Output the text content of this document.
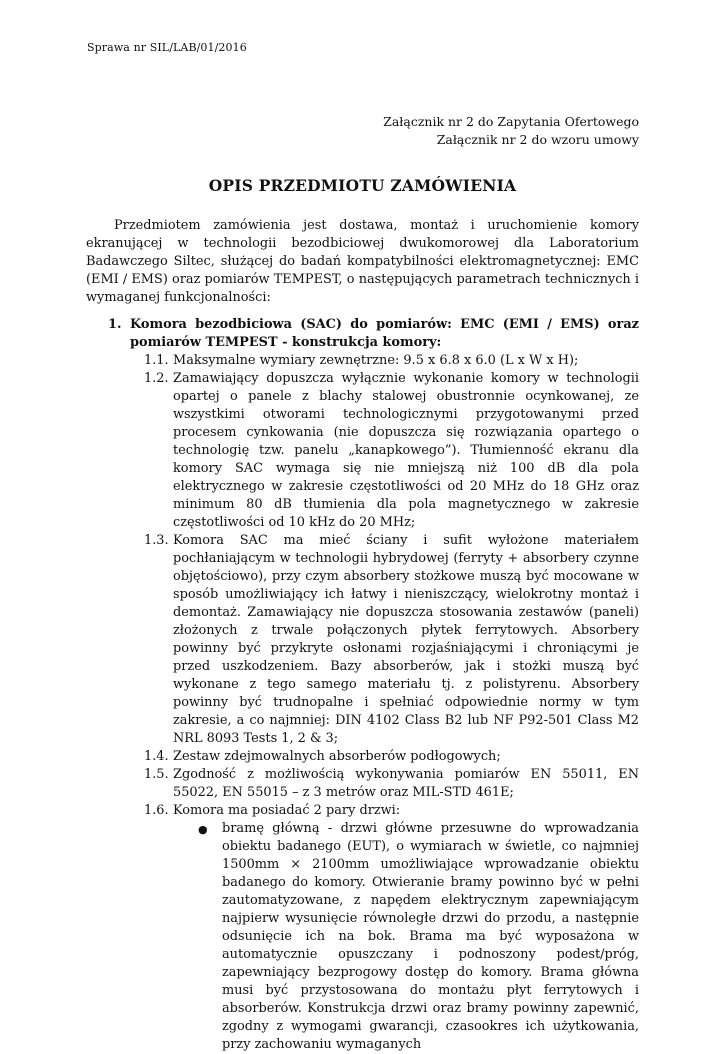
Sprawa nr SIL/LAB/01/2016
Załącznik nr 2 do Zapytania Ofertowego
Załącznik nr 2 do wzoru umowy
OPIS PRZEDMIOTU ZAMÓWIENIA

Przedmiotem zamówienia jest dostawa, montaż i uruchomienie komory ekranującej w technologii bezodbiciowej dwukomorowej dla Laboratorium Badawczego Siltec, służącej do badań kompatybilności elektromagnetycznej: EMC (EMI / EMS) oraz pomiarów TEMPEST, o następujących parametrach technicznych i wymaganej funkcjonalności:

1. Komora bezodbiciowa (SAC) do pomiarów: EMC (EMI / EMS) oraz pomiarów TEMPEST - konstrukcja komory:
1.1. Maksymalne wymiary zewnętrzne: 9.5 x 6.8 x 6.0 (L x W x H);
1.2. Zamawiający dopuszcza wyłącznie wykonanie komory w technologii opartej o panele z blachy stalowej obustronnie ocynkowanej, ze wszystkimi otworami technologicznymi przygotowanymi przed procesem cynkowania (nie dopuszcza się rozwiązania opartego o technologię tzw. panelu „kanapkowego”). Tłumienność ekranu dla komory SAC wymaga się nie mniejszą niż 100 dB dla pola elektrycznego w zakresie częstotliwości od 20 MHz do 18 GHz oraz minimum 80 dB tłumienia dla pola magnetycznego w zakresie częstotliwości od 10 kHz do 20 MHz;
1.3. Komora SAC ma mieć ściany i sufit wyłożone materiałem pochłaniającym w technologii hybrydowej (ferryty + absorbery czynne objętościowo), przy czym absorbery stożkowe muszą być mocowane w sposób umożliwiający ich łatwy i nieniszczący, wielokrotny montaż i demontaż. Zamawiający nie dopuszcza stosowania zestawów (paneli) złożonych z trwale połączonych płytek ferrytowych. Absorbery powinny być przykryte osłonami rozjaśniającymi i chroniącymi je przed uszkodzeniem. Bazy absorberów, jak i stożki muszą być wykonane z tego samego materiału tj. z polistyrenu. Absorbery powinny być trudnopalne i spełniać odpowiednie normy w tym zakresie, a co najmniej: DIN 4102 Class B2 lub NF P92-501 Class M2 NRL 8093 Tests 1, 2 & 3;
1.4. Zestaw zdejmowalnych absorberów podłogowych;
1.5. Zgodność z możliwością wykonywania pomiarów EN 55011, EN 55022, EN 55015 – z 3 metrów oraz MIL-STD 461E;
1.6. Komora ma posiadać 2 pary drzwi:
●	bramę główną - drzwi główne przesuwne do wprowadzania obiektu badanego (EUT), o wymiarach w świetle, co najmniej 1500mm × 2100mm umożliwiające wprowadzanie obiektu badanego do komory. Otwieranie bramy powinno być w pełni zautomatyzowane, z napędem elektrycznym zapewniającym najpierw wysunięcie równoległe drzwi do przodu, a następnie odsunięcie ich na bok. Brama ma być wyposażona w automatycznie opuszczany i podnoszony podest/próg, zapewniający bezprogowy dostęp do komory. Brama główna musi być przystosowana do montażu płyt ferrytowych i absorberów. Konstrukcja drzwi oraz bramy powinny zapewnić, zgodny z wymogami gwarancji, czasookres ich użytkowania, przy zachowaniu wymaganych
